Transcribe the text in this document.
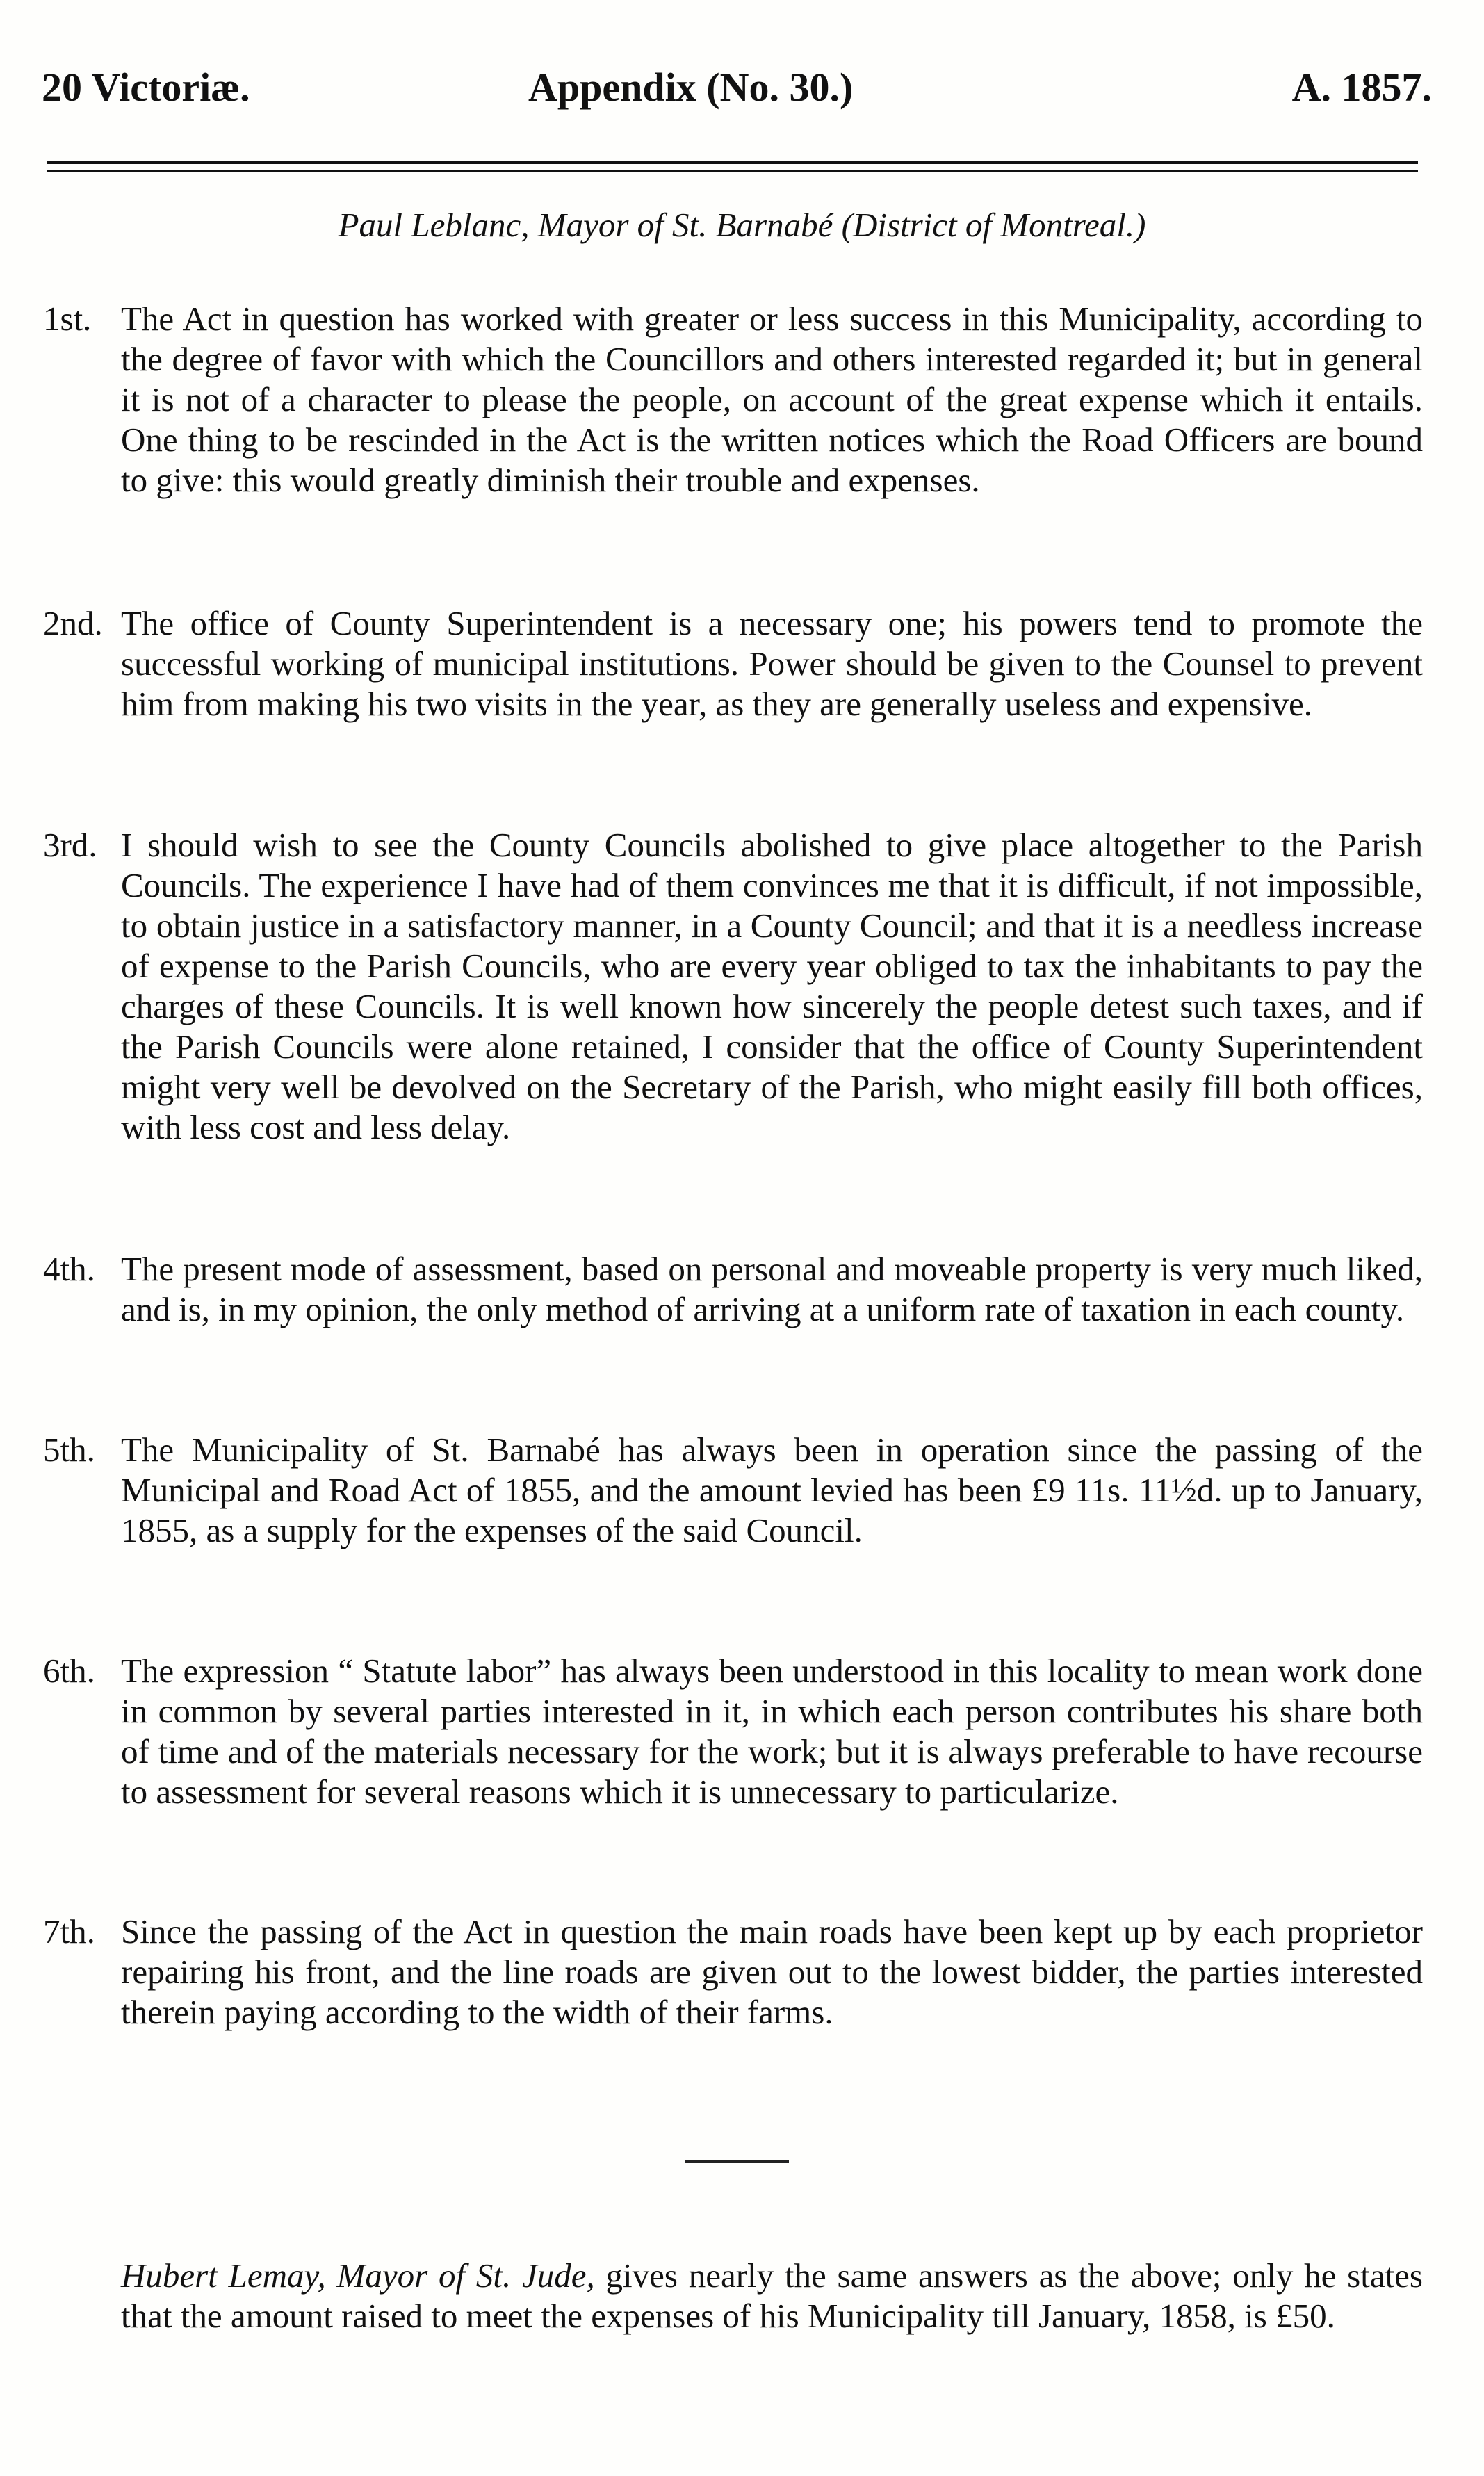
20 Victoriæ.	Appendix (No. 30.)	A. 1857.
Paul Leblanc, Mayor of St. Barnabé (District of Montreal.)
1st. The Act in question has worked with greater or less success in this Municipality, according to the degree of favor with which the Councillors and others interested regarded it; but in general it is not of a character to please the people, on account of the great expense which it entails. One thing to be rescinded in the Act is the written notices which the Road Officers are bound to give: this would greatly diminish their trouble and expenses.
2nd. The office of County Superintendent is a necessary one; his powers tend to promote the successful working of municipal institutions. Power should be given to the Counsel to prevent him from making his two visits in the year, as they are generally useless and expensive.
3rd. I should wish to see the County Councils abolished to give place altogether to the Parish Councils. The experience I have had of them convinces me that it is difficult, if not impossible, to obtain justice in a satisfactory manner, in a County Council; and that it is a needless increase of expense to the Parish Councils, who are every year obliged to tax the inhabitants to pay the charges of these Councils. It is well known how sincerely the people detest such taxes, and if the Parish Councils were alone retained, I consider that the office of County Superintendent might very well be devolved on the Secretary of the Parish, who might easily fill both offices, with less cost and less delay.
4th. The present mode of assessment, based on personal and moveable property is very much liked, and is, in my opinion, the only method of arriving at a uniform rate of taxation in each county.
5th. The Municipality of St. Barnabé has always been in operation since the passing of the Municipal and Road Act of 1855, and the amount levied has been £9 11s. 11½d. up to January, 1855, as a supply for the expenses of the said Council.
6th. The expression “ Statute labor” has always been understood in this locality to mean work done in common by several parties interested in it, in which each person contributes his share both of time and of the materials necessary for the work; but it is always preferable to have recourse to assessment for several reasons which it is unnecessary to particularize.
7th. Since the passing of the Act in question the main roads have been kept up by each proprietor repairing his front, and the line roads are given out to the lowest bidder, the parties interested therein paying according to the width of their farms.
Hubert Lemay, Mayor of St. Jude, gives nearly the same answers as the above; only he states that the amount raised to meet the expenses of his Municipality till January, 1858, is £50.
